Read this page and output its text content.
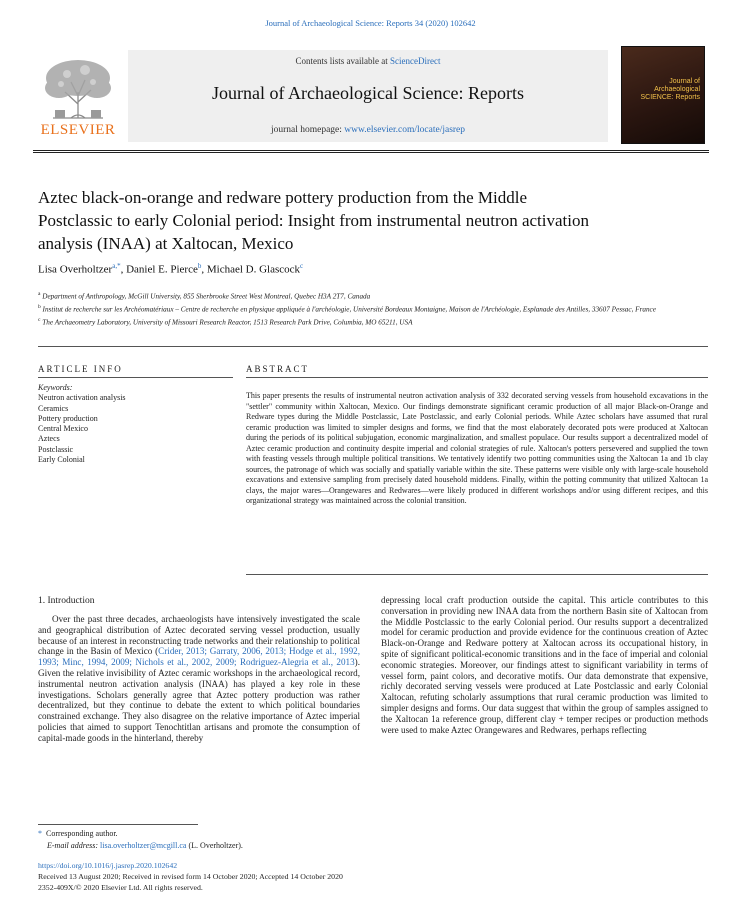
Journal of Archaeological Science: Reports 34 (2020) 102642
Contents lists available at ScienceDirect
Journal of Archaeological Science: Reports
journal homepage: www.elsevier.com/locate/jasrep
ELSEVIER
Journal of Archaeological SCIENCE: Reports
Aztec black-on-orange and redware pottery production from the Middle Postclassic to early Colonial period: Insight from instrumental neutron activation analysis (INAA) at Xaltocan, Mexico
Lisa Overholtzer$^{a,*}$, Daniel E. Pierce$^b$, Michael D. Glascock$^c$

$^a$ Department of Anthropology, McGill University, 855 Sherbrooke Street West Montreal, Quebec H3A 2T7, Canada

$^b$ Institut de recherche sur les Archéomatériaux – Centre de recherche en physique appliquée à l'archéologie, Université Bordeaux Montaigne, Maison de l'Archéologie, Esplanade des Antilles, 33607 Pessac, France

$^c$ The Archaeometry Laboratory, University of Missouri Research Reactor, 1513 Research Park Drive, Columbia, MO 65211, USA

ARTICLE INFO	ABSTRACT
Keywords:
Neutron activation analysis
Ceramics
Pottery production
Central Mexico
Aztecs
Postclassic
Early Colonial
This paper presents the results of instrumental neutron activation analysis of 332 decorated serving vessels from household excavations in the "settler" community within Xaltocan, Mexico. Our findings demonstrate significant ceramic production of all major Black-on-Orange and Redware types during the Middle Postclassic, Late Postclassic, and early Colonial periods. While Aztec scholars have assumed that rural ceramic production was limited to simpler designs and forms, we find that the most elaborately decorated pots were produced at Xaltocan during the periods of its political subjugation, economic marginalization, and smallest populace. Our results support a decentralized model of Aztec ceramic production and continuity despite imperial and colonial strategies of rule. Xaltocan's potters persevered and supplied the town with feasting vessels through multiple political transitions. We tentatively identify two potting communities using the Xaltocan 1a and 1b clay sources, the patronage of which was socially and spatially variable within the site. These patterns were visible only with large-scale household excavations and extensive sampling from precisely dated household middens. Finally, within the potting community that utilized Xaltocan 1a clays, the major wares—Orangewares and Redwares—were likely produced in different workshops and/or using different recipes, and this organizational strategy was maintained across the colonial transition.
1. Introduction
Over the past three decades, archaeologists have intensively investigated the scale and geographical distribution of Aztec decorated serving vessel production, usually because of an interest in reconstructing trade networks and their relationship to political change in the Basin of Mexico (Crider, 2013; Garraty, 2006, 2013; Hodge et al., 1992, 1993; Minc, 1994, 2009; Nichols et al., 2002, 2009; Rodriguez-Alegria et al., 2013). Given the relative invisibility of Aztec ceramic workshops in the archaeological record, instrumental neutron activation analysis (INAA) has played a key role in these investigations. Scholars generally agree that Aztec pottery production was rather decentralized, but they continue to debate the extent to which political boundaries constrained exchange. They also disagree on the relative importance of Aztec imperial policies that aimed to support Tenochtitlan artisans and promote the consumption of capital-made goods in the hinterland, thereby
depressing local craft production outside the capital. This article contributes to this conversation in providing new INAA data from the northern Basin site of Xaltocan from the Middle Postclassic to the early Colonial period. Our results support a decentralized model for ceramic production and provide evidence for the continuous creation of Aztec Black-on-Orange and Redware pottery at Xaltocan across its occupational history, in spite of significant political-economic transitions and in the face of imperial and colonial economic strategies. Moreover, our findings attest to significant variability in terms of vessel form, paint colors, and decorative motifs. Our data demonstrate that expensive, richly decorated serving vessels were produced at Late Postclassic and early Colonial Xaltocan, refuting scholarly assumptions that rural ceramic production was limited to simpler designs and forms. Our data suggest that within the group of samples assigned to the Xaltocan 1a reference group, different clay + temper recipes or production methods were used to make Aztec Orangewares and Redwares, perhaps reflecting
* Corresponding author.
E-mail address: lisa.overholtzer@mcgill.ca (L. Overholtzer).
https://doi.org/10.1016/j.jasrep.2020.102642
Received 13 August 2020; Received in revised form 14 October 2020; Accepted 14 October 2020
2352-409X/© 2020 Elsevier Ltd. All rights reserved.
